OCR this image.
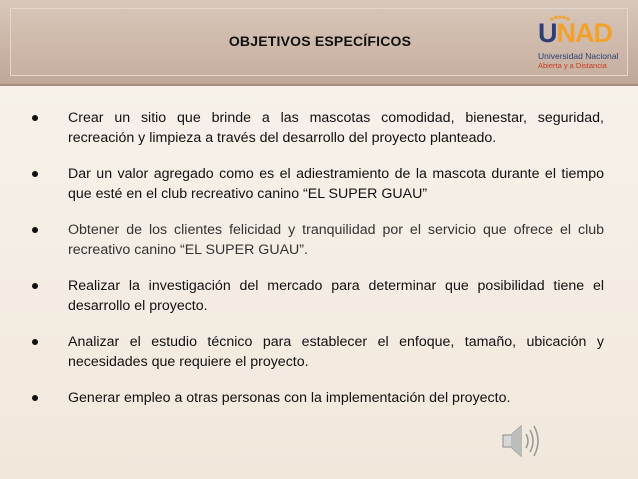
OBJETIVOS ESPECÍFICOS	UNAD
Universidad Nacional
Abierta y a Distancia
Crear un sitio que brinde a las mascotas comodidad, bienestar, seguridad, recreación y limpieza a través del desarrollo del proyecto planteado.
Dar un valor agregado como es el adiestramiento de la mascota durante el tiempo que esté en el club recreativo canino “EL SUPER GUAU”
Obtener de los clientes felicidad y tranquilidad por el servicio que ofrece el club recreativo canino “EL SUPER GUAU”.
Realizar la investigación del mercado para determinar que posibilidad tiene el desarrollo el proyecto.
Analizar el estudio técnico para establecer el enfoque, tamaño, ubicación y necesidades que requiere el proyecto.
Generar empleo a otras personas con la implementación del proyecto.
